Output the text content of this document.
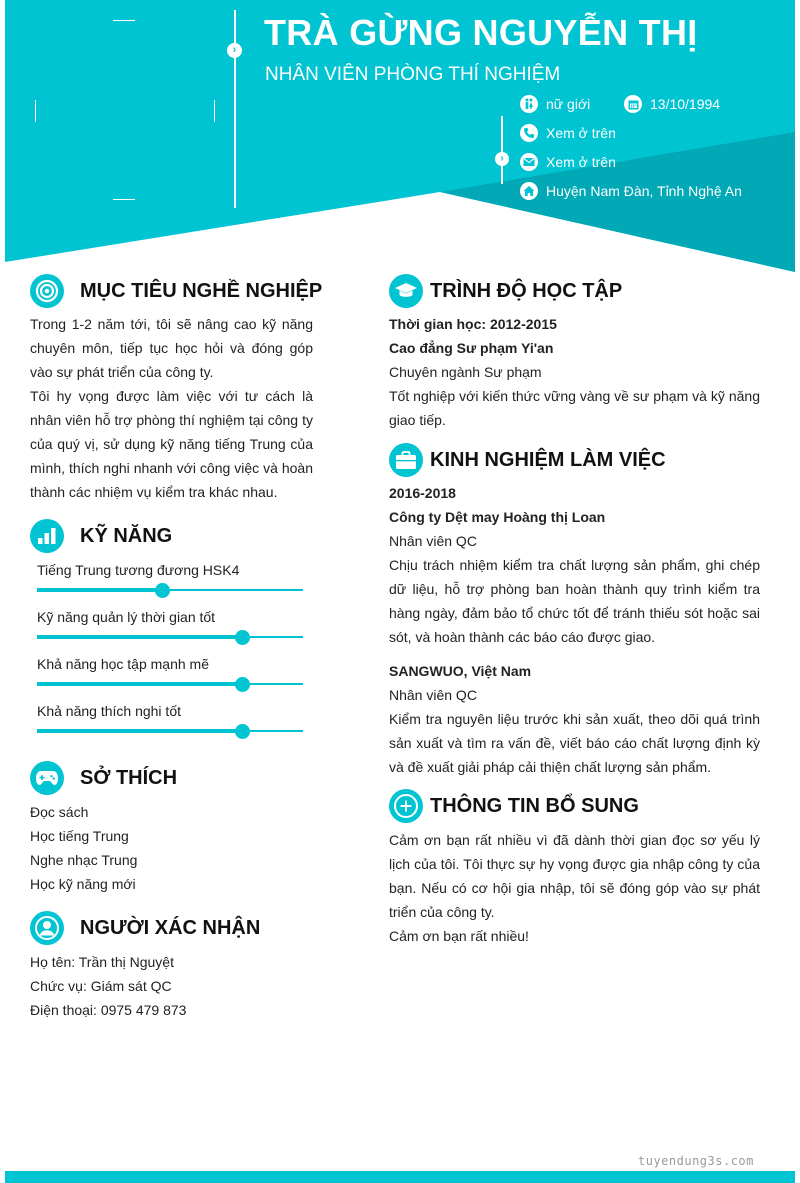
› TRÀ GỪNG NGUYỄN THỊ
NHÂN VIÊN PHÒNG THÍ NGHIỆM
›
nữ giới	13/10/1994
Xem ở trên
Xem ở trên
Huyện Nam Đàn, Tỉnh Nghệ An
MỤC TIÊU NGHỀ NGHIỆP

Trong 1-2 năm tới, tôi sẽ nâng cao kỹ năng chuyên môn, tiếp tục học hỏi và đóng góp vào sự phát triển của công ty.

Tôi hy vọng được làm việc với tư cách là nhân viên hỗ trợ phòng thí nghiệm tại công ty của quý vị, sử dụng kỹ năng tiếng Trung của mình, thích nghi nhanh với công việc và hoàn thành các nhiệm vụ kiểm tra khác nhau.

KỸ NĂNG
Tiếng Trung tương đương HSK4
Kỹ năng quản lý thời gian tốt
Khả năng học tập mạnh mẽ
Khả năng thích nghi tốt
SỞ THÍCH
Đọc sách
Học tiếng Trung
Nghe nhạc Trung
Học kỹ năng mới
NGƯỜI XÁC NHẬN
Họ tên: Trần thị Nguyệt
Chức vụ: Giám sát QC
Điện thoại: 0975 479 873
TRÌNH ĐỘ HỌC TẬP
Thời gian học: 2012-2015
Cao đẳng Sư phạm Yi'an
Chuyên ngành Sư phạm

Tốt nghiệp với kiến thức vững vàng về sư phạm và kỹ năng giao tiếp.

KINH NGHIỆM LÀM VIỆC
2016-2018
Công ty Dệt may Hoàng thị Loan
Nhân viên QC

Chịu trách nhiệm kiểm tra chất lượng sản phẩm, ghi chép dữ liệu, hỗ trợ phòng ban hoàn thành quy trình kiểm tra hàng ngày, đảm bảo tổ chức tốt để tránh thiếu sót hoặc sai sót, và hoàn thành các báo cáo được giao.

SANGWUO, Việt Nam
Nhân viên QC

Kiểm tra nguyên liệu trước khi sản xuất, theo dõi quá trình sản xuất và tìm ra vấn đề, viết báo cáo chất lượng định kỳ và đề xuất giải pháp cải thiện chất lượng sản phẩm.

THÔNG TIN BỔ SUNG

Cảm ơn bạn rất nhiều vì đã dành thời gian đọc sơ yếu lý lịch của tôi. Tôi thực sự hy vọng được gia nhập công ty của bạn. Nếu có cơ hội gia nhập, tôi sẽ đóng góp vào sự phát triển của công ty.

Cảm ơn bạn rất nhiều!

tuyendung3s.com
